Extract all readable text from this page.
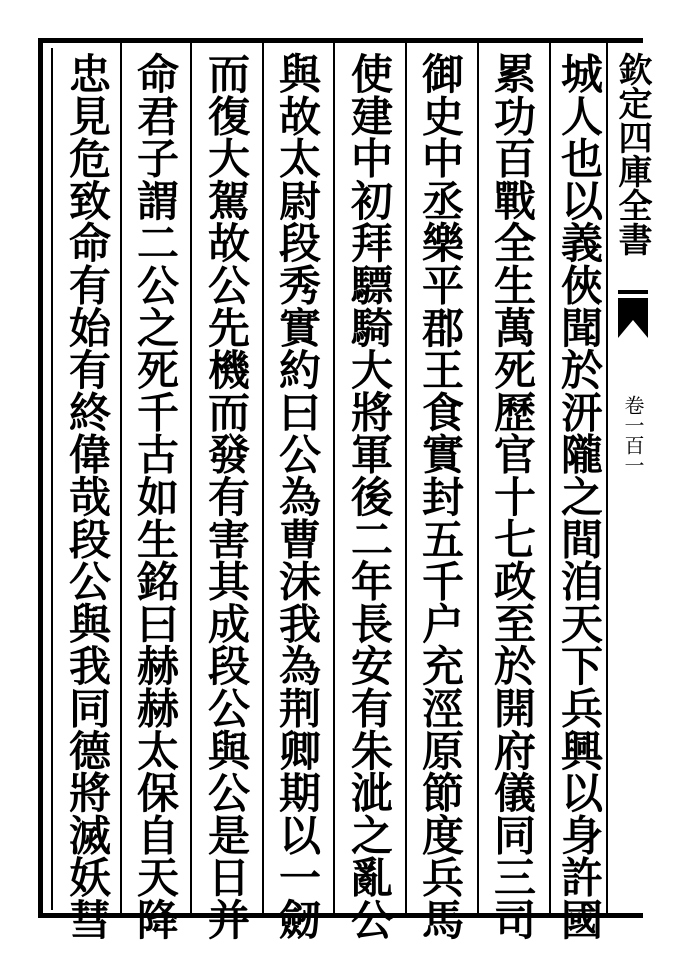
城人也以義俠聞於汧隴之間洎天下兵興以身許國
累功百戰全生萬死歷官十七政至於開府儀同三司
御史中丞樂平郡王食實封五千户充涇原節度兵馬
使建中初拜驃騎大將軍後二年長安有朱泚之亂公
與故太尉段秀實約曰公為曹沫我為荆卿期以一劒
而復大駕故公先機而發有害其成段公與公是日并
命君子謂二公之死千古如生銘曰赫赫太保自天降
忠見危致命有始有終偉哉段公與我同德將滅妖彗	欽定四庫全書
卷一百一
